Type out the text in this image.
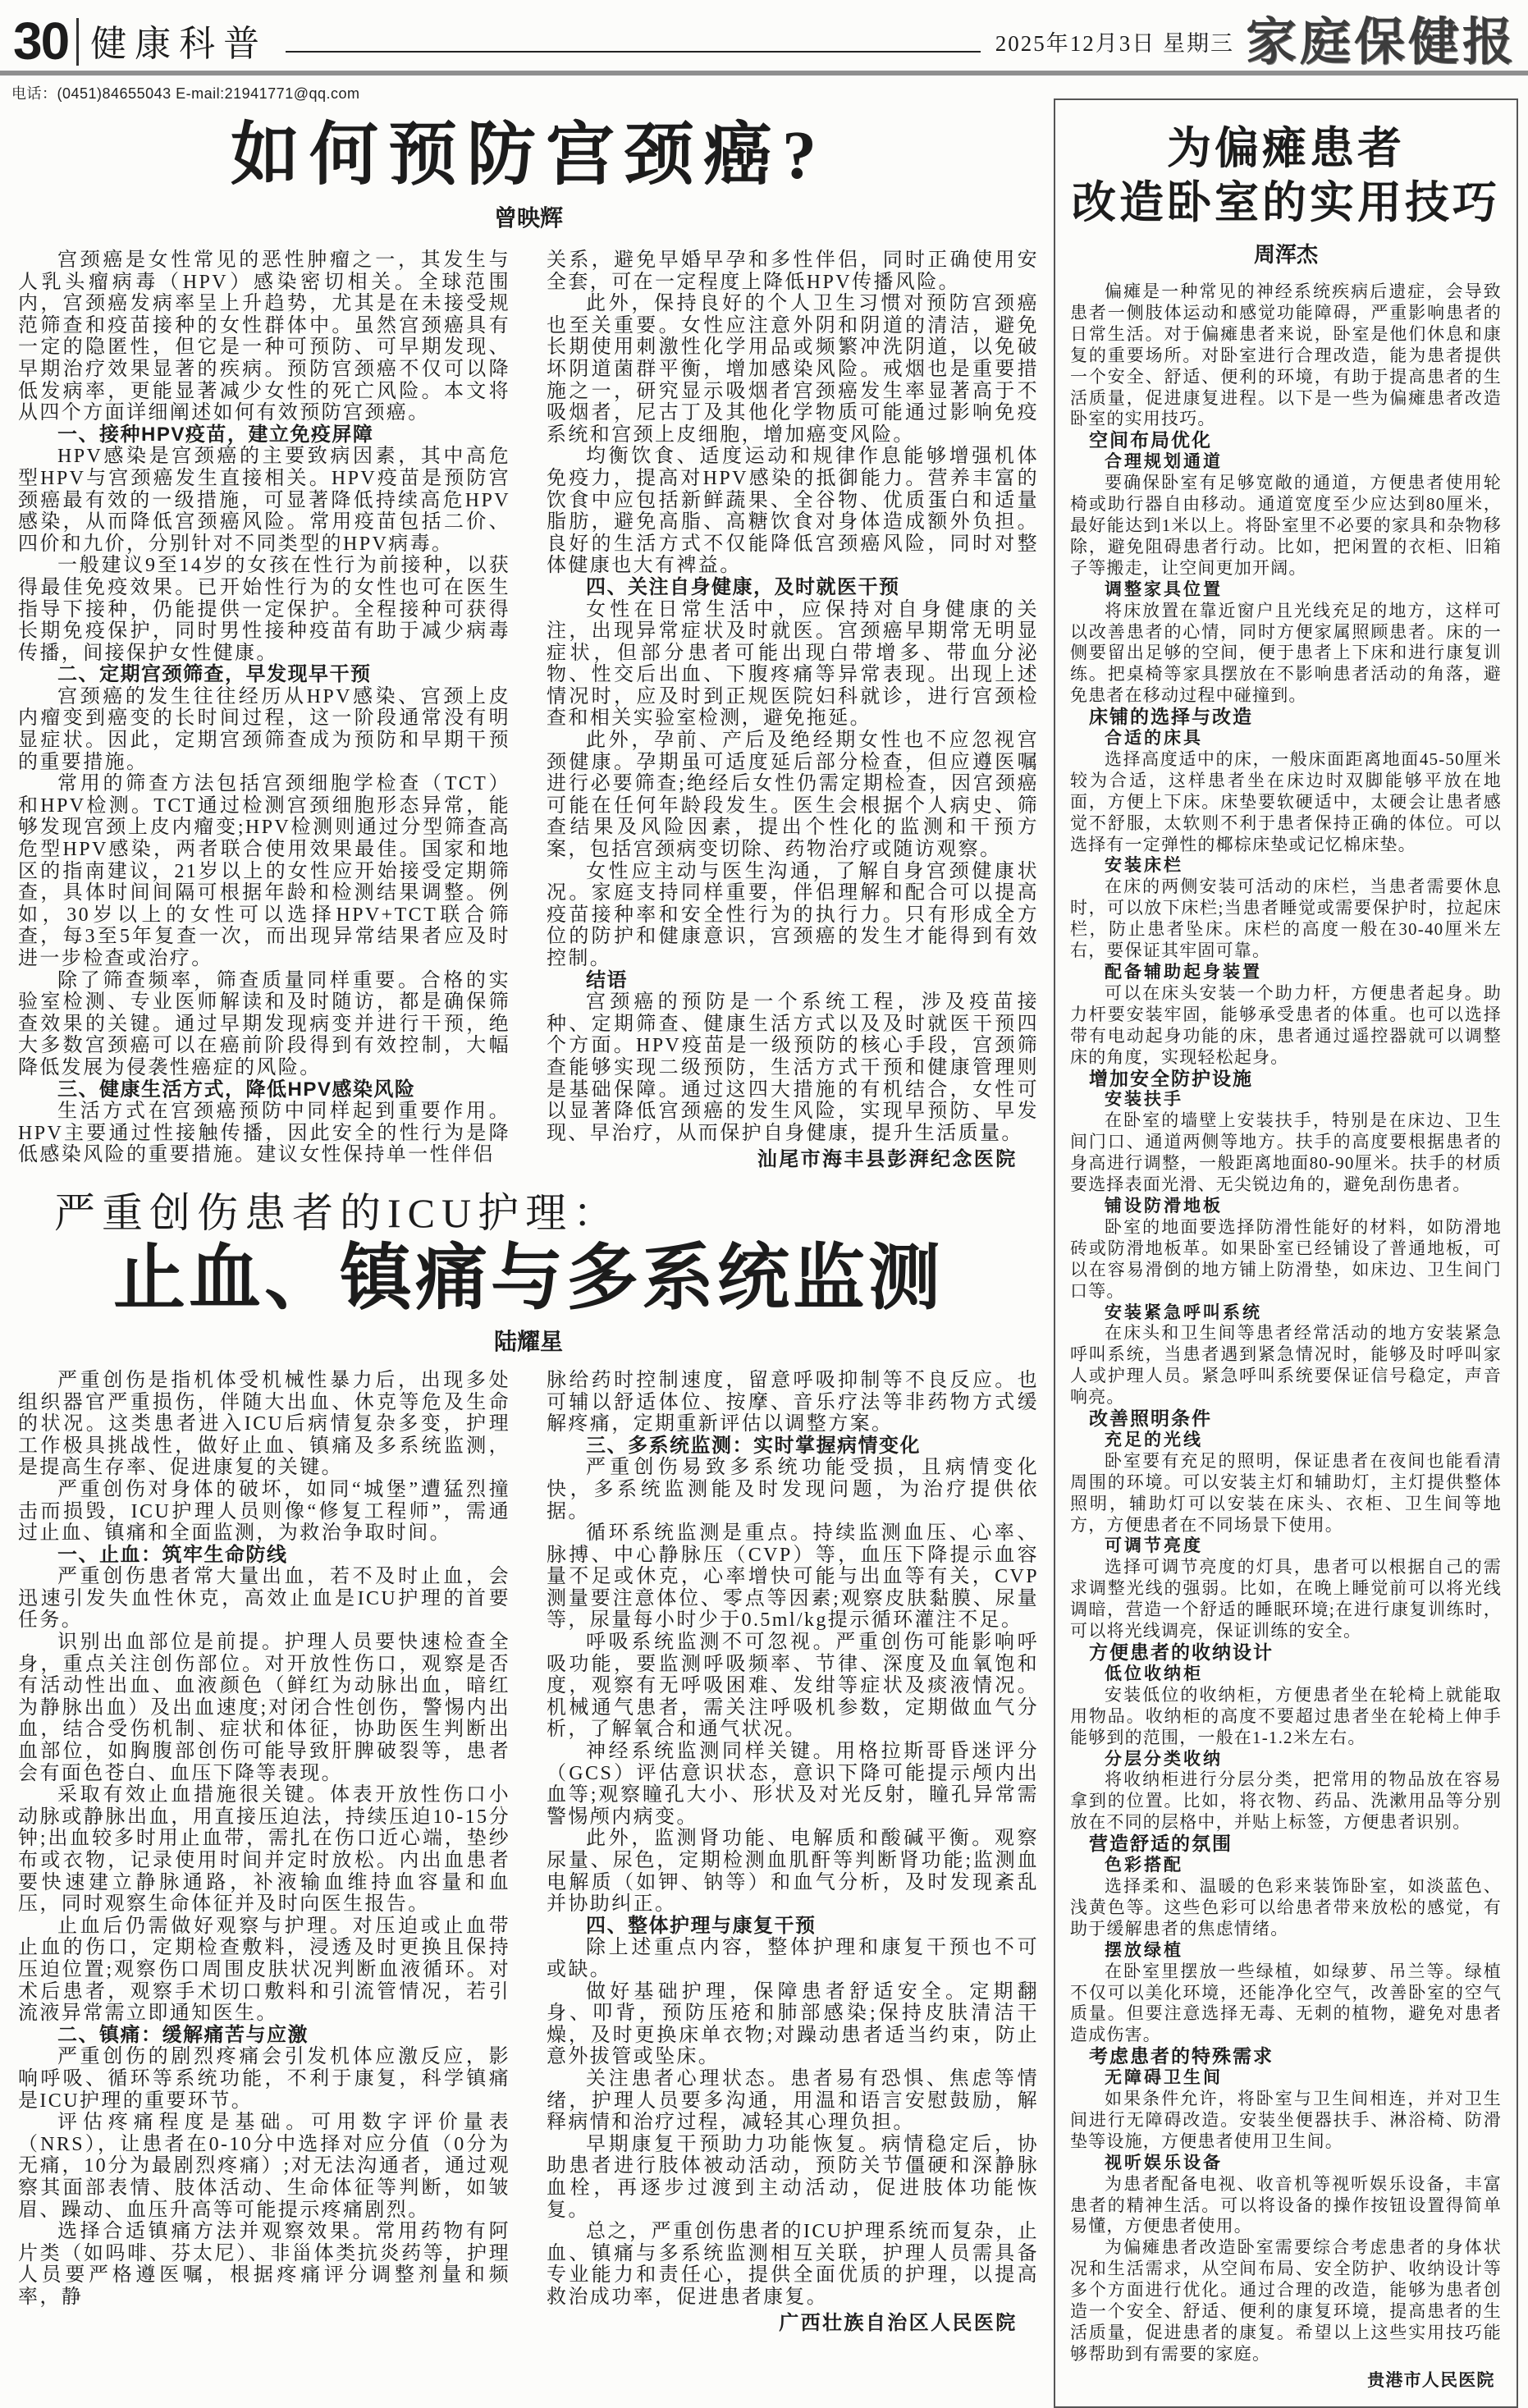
30 健康科普	2025年12月3日 星期三 家庭保健报
电话：(0451)84655043 E-mail:21941771@qq.com
如何预防宫颈癌?
曾映辉
宫颈癌是女性常见的恶性肿瘤之一，其发生与人乳头瘤病毒（HPV）感染密切相关。全球范围内，宫颈癌发病率呈上升趋势，尤其是在未接受规范筛查和疫苗接种的女性群体中。虽然宫颈癌具有一定的隐匿性，但它是一种可预防、可早期发现、早期治疗效果显著的疾病。预防宫颈癌不仅可以降低发病率，更能显著减少女性的死亡风险。本文将从四个方面详细阐述如何有效预防宫颈癌。
一、接种HPV疫苗，建立免疫屏障
HPV感染是宫颈癌的主要致病因素，其中高危型HPV与宫颈癌发生直接相关。HPV疫苗是预防宫颈癌最有效的一级措施，可显著降低持续高危HPV感染，从而降低宫颈癌风险。常用疫苗包括二价、四价和九价，分别针对不同类型的HPV病毒。
一般建议9至14岁的女孩在性行为前接种，以获得最佳免疫效果。已开始性行为的女性也可在医生指导下接种，仍能提供一定保护。全程接种可获得长期免疫保护，同时男性接种疫苗有助于减少病毒传播，间接保护女性健康。
二、定期宫颈筛查，早发现早干预
宫颈癌的发生往往经历从HPV感染、宫颈上皮内瘤变到癌变的长时间过程，这一阶段通常没有明显症状。因此，定期宫颈筛查成为预防和早期干预的重要措施。
常用的筛查方法包括宫颈细胞学检查（TCT）和HPV检测。TCT通过检测宫颈细胞形态异常，能够发现宫颈上皮内瘤变;HPV检测则通过分型筛查高危型HPV感染，两者联合使用效果最佳。国家和地区的指南建议，21岁以上的女性应开始接受定期筛查，具体时间间隔可根据年龄和检测结果调整。例如，30岁以上的女性可以选择HPV+TCT联合筛查，每3至5年复查一次，而出现异常结果者应及时进一步检查或治疗。
除了筛查频率，筛查质量同样重要。合格的实验室检测、专业医师解读和及时随访，都是确保筛查效果的关键。通过早期发现病变并进行干预，绝大多数宫颈癌可以在癌前阶段得到有效控制，大幅降低发展为侵袭性癌症的风险。
三、健康生活方式，降低HPV感染风险
生活方式在宫颈癌预防中同样起到重要作用。HPV主要通过性接触传播，因此安全的性行为是降低感染风险的重要措施。建议女性保持单一性伴侣
关系，避免早婚早孕和多性伴侣，同时正确使用安全套，可在一定程度上降低HPV传播风险。
此外，保持良好的个人卫生习惯对预防宫颈癌也至关重要。女性应注意外阴和阴道的清洁，避免长期使用刺激性化学用品或频繁冲洗阴道，以免破坏阴道菌群平衡，增加感染风险。戒烟也是重要措施之一，研究显示吸烟者宫颈癌发生率显著高于不吸烟者，尼古丁及其他化学物质可能通过影响免疫系统和宫颈上皮细胞，增加癌变风险。
均衡饮食、适度运动和规律作息能够增强机体免疫力，提高对HPV感染的抵御能力。营养丰富的饮食中应包括新鲜蔬果、全谷物、优质蛋白和适量脂肪，避免高脂、高糖饮食对身体造成额外负担。良好的生活方式不仅能降低宫颈癌风险，同时对整体健康也大有裨益。
四、关注自身健康，及时就医干预
女性在日常生活中，应保持对自身健康的关注，出现异常症状及时就医。宫颈癌早期常无明显症状，但部分患者可能出现白带增多、带血分泌物、性交后出血、下腹疼痛等异常表现。出现上述情况时，应及时到正规医院妇科就诊，进行宫颈检查和相关实验室检测，避免拖延。
此外，孕前、产后及绝经期女性也不应忽视宫颈健康。孕期虽可适度延后部分检查，但应遵医嘱进行必要筛查;绝经后女性仍需定期检查，因宫颈癌可能在任何年龄段发生。医生会根据个人病史、筛查结果及风险因素，提出个性化的监测和干预方案，包括宫颈病变切除、药物治疗或随访观察。
女性应主动与医生沟通，了解自身宫颈健康状况。家庭支持同样重要，伴侣理解和配合可以提高疫苗接种率和安全性行为的执行力。只有形成全方位的防护和健康意识，宫颈癌的发生才能得到有效控制。
结语
宫颈癌的预防是一个系统工程，涉及疫苗接种、定期筛查、健康生活方式以及及时就医干预四个方面。HPV疫苗是一级预防的核心手段，宫颈筛查能够实现二级预防，生活方式干预和健康管理则是基础保障。通过这四大措施的有机结合，女性可以显著降低宫颈癌的发生风险，实现早预防、早发现、早治疗，从而保护自身健康，提升生活质量。
汕尾市海丰县彭湃纪念医院
严重创伤患者的ICU护理：
止血、镇痛与多系统监测
陆耀星
严重创伤是指机体受机械性暴力后，出现多处组织器官严重损伤，伴随大出血、休克等危及生命的状况。这类患者进入ICU后病情复杂多变，护理工作极具挑战性，做好止血、镇痛及多系统监测，是提高生存率、促进康复的关键。
严重创伤对身体的破坏，如同“城堡”遭猛烈撞击而损毁，ICU护理人员则像“修复工程师”，需通过止血、镇痛和全面监测，为救治争取时间。
一、止血：筑牢生命防线
严重创伤患者常大量出血，若不及时止血，会迅速引发失血性休克，高效止血是ICU护理的首要任务。
识别出血部位是前提。护理人员要快速检查全身，重点关注创伤部位。对开放性伤口，观察是否有活动性出血、血液颜色（鲜红为动脉出血，暗红为静脉出血）及出血速度;对闭合性创伤，警惕内出血，结合受伤机制、症状和体征，协助医生判断出血部位，如胸腹部创伤可能导致肝脾破裂等，患者会有面色苍白、血压下降等表现。
采取有效止血措施很关键。体表开放性伤口小动脉或静脉出血，用直接压迫法，持续压迫10-15分钟;出血较多时用止血带，需扎在伤口近心端，垫纱布或衣物，记录使用时间并定时放松。内出血患者要快速建立静脉通路，补液输血维持血容量和血压，同时观察生命体征并及时向医生报告。
止血后仍需做好观察与护理。对压迫或止血带止血的伤口，定期检查敷料，浸透及时更换且保持压迫位置;观察伤口周围皮肤状况判断血液循环。对术后患者，观察手术切口敷料和引流管情况，若引流液异常需立即通知医生。
二、镇痛：缓解痛苦与应激
严重创伤的剧烈疼痛会引发机体应激反应，影响呼吸、循环等系统功能，不利于康复，科学镇痛是ICU护理的重要环节。
评估疼痛程度是基础。可用数字评价量表（NRS），让患者在0-10分中选择对应分值（0分为无痛，10分为最剧烈疼痛）;对无法沟通者，通过观察其面部表情、肢体活动、生命体征等判断，如皱眉、躁动、血压升高等可能提示疼痛剧烈。
选择合适镇痛方法并观察效果。常用药物有阿片类（如吗啡、芬太尼）、非甾体类抗炎药等，护理人员要严格遵医嘱，根据疼痛评分调整剂量和频率，静
脉给药时控制速度，留意呼吸抑制等不良反应。也可辅以舒适体位、按摩、音乐疗法等非药物方式缓解疼痛，定期重新评估以调整方案。
三、多系统监测：实时掌握病情变化
严重创伤易致多系统功能受损，且病情变化快，多系统监测能及时发现问题，为治疗提供依据。
循环系统监测是重点。持续监测血压、心率、脉搏、中心静脉压（CVP）等，血压下降提示血容量不足或休克，心率增快可能与出血等有关，CVP测量要注意体位、零点等因素;观察皮肤黏膜、尿量等，尿量每小时少于0.5ml/kg提示循环灌注不足。
呼吸系统监测不可忽视。严重创伤可能影响呼吸功能，要监测呼吸频率、节律、深度及血氧饱和度，观察有无呼吸困难、发绀等症状及痰液情况。机械通气患者，需关注呼吸机参数，定期做血气分析，了解氧合和通气状况。
神经系统监测同样关键。用格拉斯哥昏迷评分（GCS）评估意识状态，意识下降可能提示颅内出血等;观察瞳孔大小、形状及对光反射，瞳孔异常需警惕颅内病变。
此外，监测肾功能、电解质和酸碱平衡。观察尿量、尿色，定期检测血肌酐等判断肾功能;监测血电解质（如钾、钠等）和血气分析，及时发现紊乱并协助纠正。
四、整体护理与康复干预
除上述重点内容，整体护理和康复干预也不可或缺。
做好基础护理，保障患者舒适安全。定期翻身、叩背，预防压疮和肺部感染;保持皮肤清洁干燥，及时更换床单衣物;对躁动患者适当约束，防止意外拔管或坠床。
关注患者心理状态。患者易有恐惧、焦虑等情绪，护理人员要多沟通，用温和语言安慰鼓励，解释病情和治疗过程，减轻其心理负担。
早期康复干预助力功能恢复。病情稳定后，协助患者进行肢体被动活动，预防关节僵硬和深静脉血栓，再逐步过渡到主动活动，促进肢体功能恢复。
总之，严重创伤患者的ICU护理系统而复杂，止血、镇痛与多系统监测相互关联，护理人员需具备专业能力和责任心，提供全面优质的护理，以提高救治成功率，促进患者康复。
广西壮族自治区人民医院
为偏瘫患者
改造卧室的实用技巧
周浑杰
偏瘫是一种常见的神经系统疾病后遗症，会导致患者一侧肢体运动和感觉功能障碍，严重影响患者的日常生活。对于偏瘫患者来说，卧室是他们休息和康复的重要场所。对卧室进行合理改造，能为患者提供一个安全、舒适、便利的环境，有助于提高患者的生活质量，促进康复进程。以下是一些为偏瘫患者改造卧室的实用技巧。
空间布局优化
合理规划通道
要确保卧室有足够宽敞的通道，方便患者使用轮椅或助行器自由移动。通道宽度至少应达到80厘米，最好能达到1米以上。将卧室里不必要的家具和杂物移除，避免阻碍患者行动。比如，把闲置的衣柜、旧箱子等搬走，让空间更加开阔。
调整家具位置
将床放置在靠近窗户且光线充足的地方，这样可以改善患者的心情，同时方便家属照顾患者。床的一侧要留出足够的空间，便于患者上下床和进行康复训练。把桌椅等家具摆放在不影响患者活动的角落，避免患者在移动过程中碰撞到。
床铺的选择与改造
合适的床具
选择高度适中的床，一般床面距离地面45-50厘米较为合适，这样患者坐在床边时双脚能够平放在地面，方便上下床。床垫要软硬适中，太硬会让患者感觉不舒服，太软则不利于患者保持正确的体位。可以选择有一定弹性的椰棕床垫或记忆棉床垫。
安装床栏
在床的两侧安装可活动的床栏，当患者需要休息时，可以放下床栏;当患者睡觉或需要保护时，拉起床栏，防止患者坠床。床栏的高度一般在30-40厘米左右，要保证其牢固可靠。
配备辅助起身装置
可以在床头安装一个助力杆，方便患者起身。助力杆要安装牢固，能够承受患者的体重。也可以选择带有电动起身功能的床，患者通过遥控器就可以调整床的角度，实现轻松起身。
增加安全防护设施
安装扶手
在卧室的墙壁上安装扶手，特别是在床边、卫生间门口、通道两侧等地方。扶手的高度要根据患者的身高进行调整，一般距离地面80-90厘米。扶手的材质要选择表面光滑、无尖锐边角的，避免刮伤患者。
铺设防滑地板
卧室的地面要选择防滑性能好的材料，如防滑地砖或防滑地板革。如果卧室已经铺设了普通地板，可以在容易滑倒的地方铺上防滑垫，如床边、卫生间门口等。
安装紧急呼叫系统
在床头和卫生间等患者经常活动的地方安装紧急呼叫系统，当患者遇到紧急情况时，能够及时呼叫家人或护理人员。紧急呼叫系统要保证信号稳定，声音响亮。
改善照明条件
充足的光线
卧室要有充足的照明，保证患者在夜间也能看清周围的环境。可以安装主灯和辅助灯，主灯提供整体照明，辅助灯可以安装在床头、衣柜、卫生间等地方，方便患者在不同场景下使用。
可调节亮度
选择可调节亮度的灯具，患者可以根据自己的需求调整光线的强弱。比如，在晚上睡觉前可以将光线调暗，营造一个舒适的睡眠环境;在进行康复训练时，可以将光线调亮，保证训练的安全。
方便患者的收纳设计
低位收纳柜
安装低位的收纳柜，方便患者坐在轮椅上就能取用物品。收纳柜的高度不要超过患者坐在轮椅上伸手能够到的范围，一般在1-1.2米左右。
分层分类收纳
将收纳柜进行分层分类，把常用的物品放在容易拿到的位置。比如，将衣物、药品、洗漱用品等分别放在不同的层格中，并贴上标签，方便患者识别。
营造舒适的氛围
色彩搭配
选择柔和、温暖的色彩来装饰卧室，如淡蓝色、浅黄色等。这些色彩可以给患者带来放松的感觉，有助于缓解患者的焦虑情绪。
摆放绿植
在卧室里摆放一些绿植，如绿萝、吊兰等。绿植不仅可以美化环境，还能净化空气，改善卧室的空气质量。但要注意选择无毒、无刺的植物，避免对患者造成伤害。
考虑患者的特殊需求
无障碍卫生间
如果条件允许，将卧室与卫生间相连，并对卫生间进行无障碍改造。安装坐便器扶手、淋浴椅、防滑垫等设施，方便患者使用卫生间。
视听娱乐设备
为患者配备电视、收音机等视听娱乐设备，丰富患者的精神生活。可以将设备的操作按钮设置得简单易懂，方便患者使用。
为偏瘫患者改造卧室需要综合考虑患者的身体状况和生活需求，从空间布局、安全防护、收纳设计等多个方面进行优化。通过合理的改造，能够为患者创造一个安全、舒适、便利的康复环境，提高患者的生活质量，促进患者的康复。希望以上这些实用技巧能够帮助到有需要的家庭。
贵港市人民医院
